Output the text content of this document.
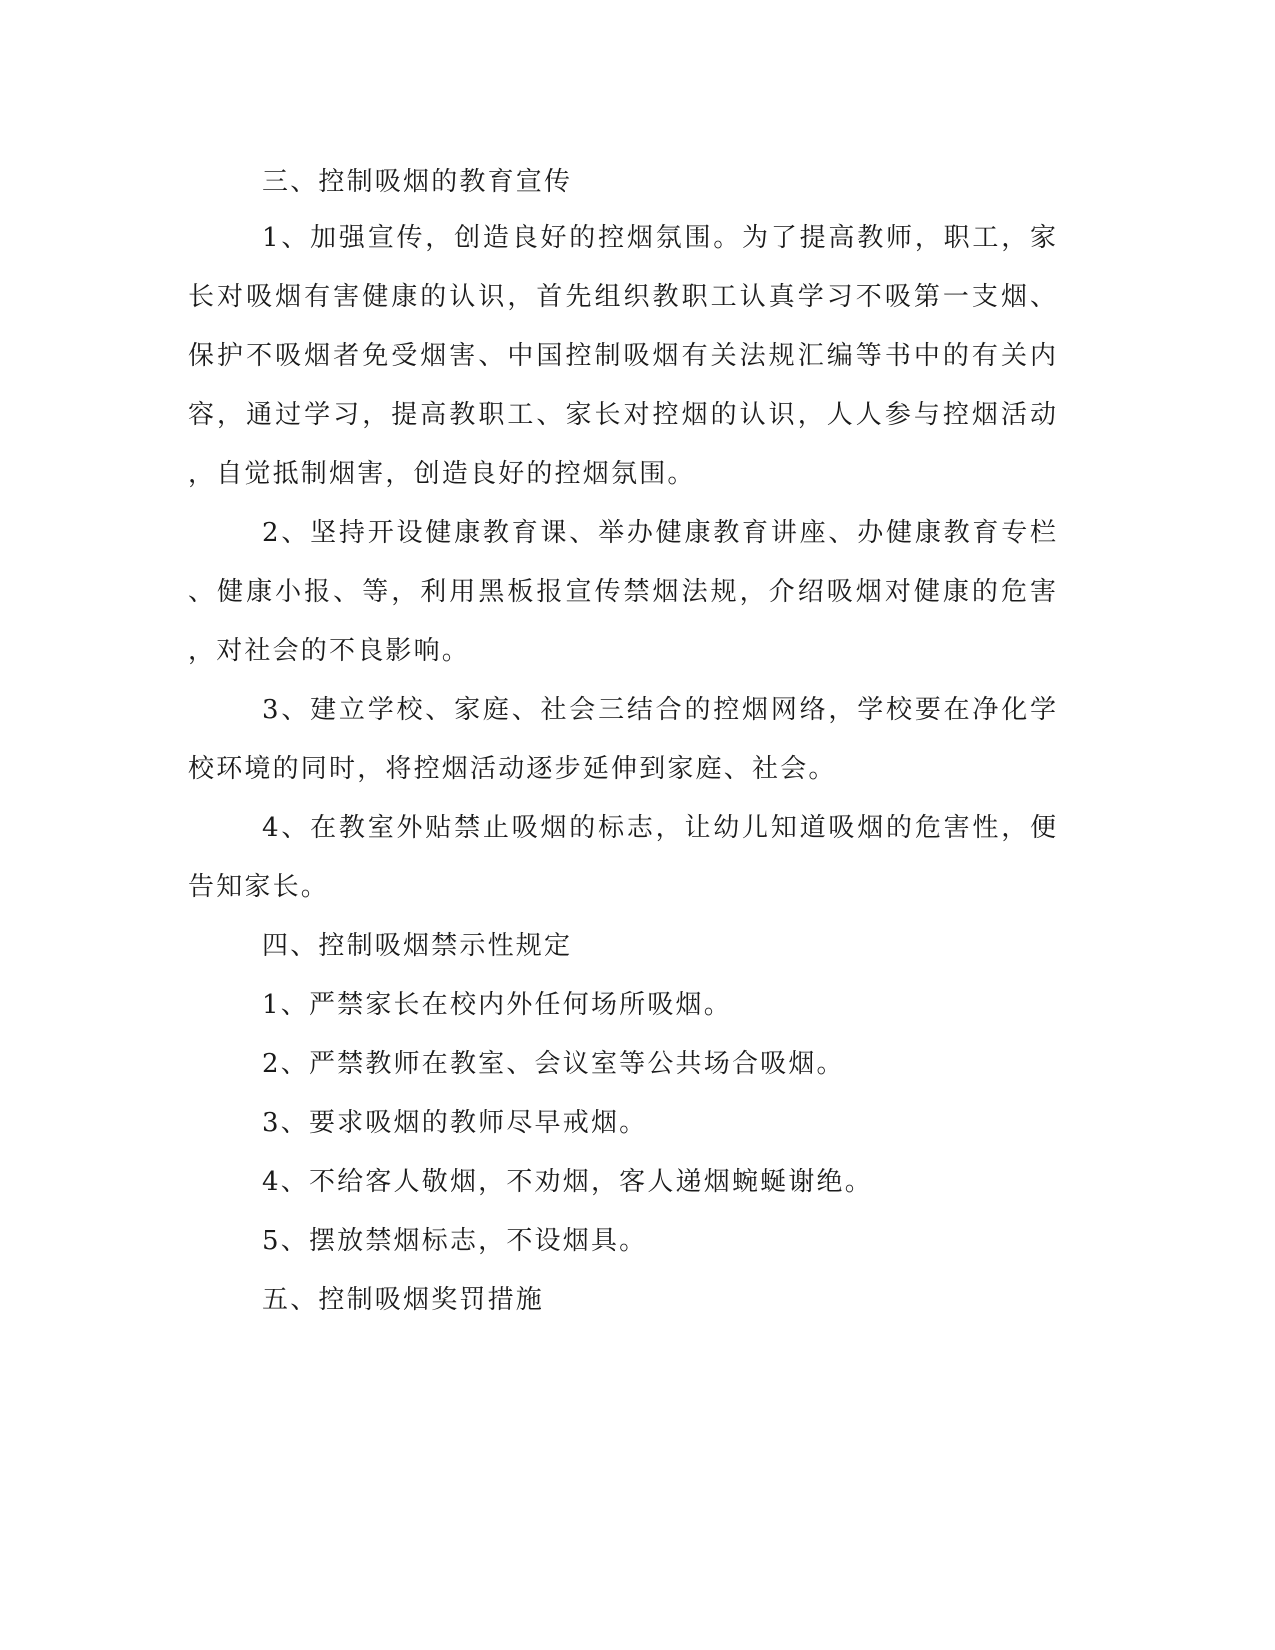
三、控制吸烟的教育宣传
1、加强宣传，创造良好的控烟氛围。为了提高教师，职工，家
长对吸烟有害健康的认识，首先组织教职工认真学习不吸第一支烟、
保护不吸烟者免受烟害、中国控制吸烟有关法规汇编等书中的有关内
容，通过学习，提高教职工、家长对控烟的认识，人人参与控烟活动
，自觉抵制烟害，创造良好的控烟氛围。
2、坚持开设健康教育课、举办健康教育讲座、办健康教育专栏
、健康小报、等，利用黑板报宣传禁烟法规，介绍吸烟对健康的危害
，对社会的不良影响。
3、建立学校、家庭、社会三结合的控烟网络，学校要在净化学
校环境的同时，将控烟活动逐步延伸到家庭、社会。
4、在教室外贴禁止吸烟的标志，让幼儿知道吸烟的危害性，便
告知家长。
四、控制吸烟禁示性规定
1、严禁家长在校内外任何场所吸烟。
2、严禁教师在教室、会议室等公共场合吸烟。
3、要求吸烟的教师尽早戒烟。
4、不给客人敬烟，不劝烟，客人递烟蜿蜒谢绝。
5、摆放禁烟标志，不设烟具。
五、控制吸烟奖罚措施
